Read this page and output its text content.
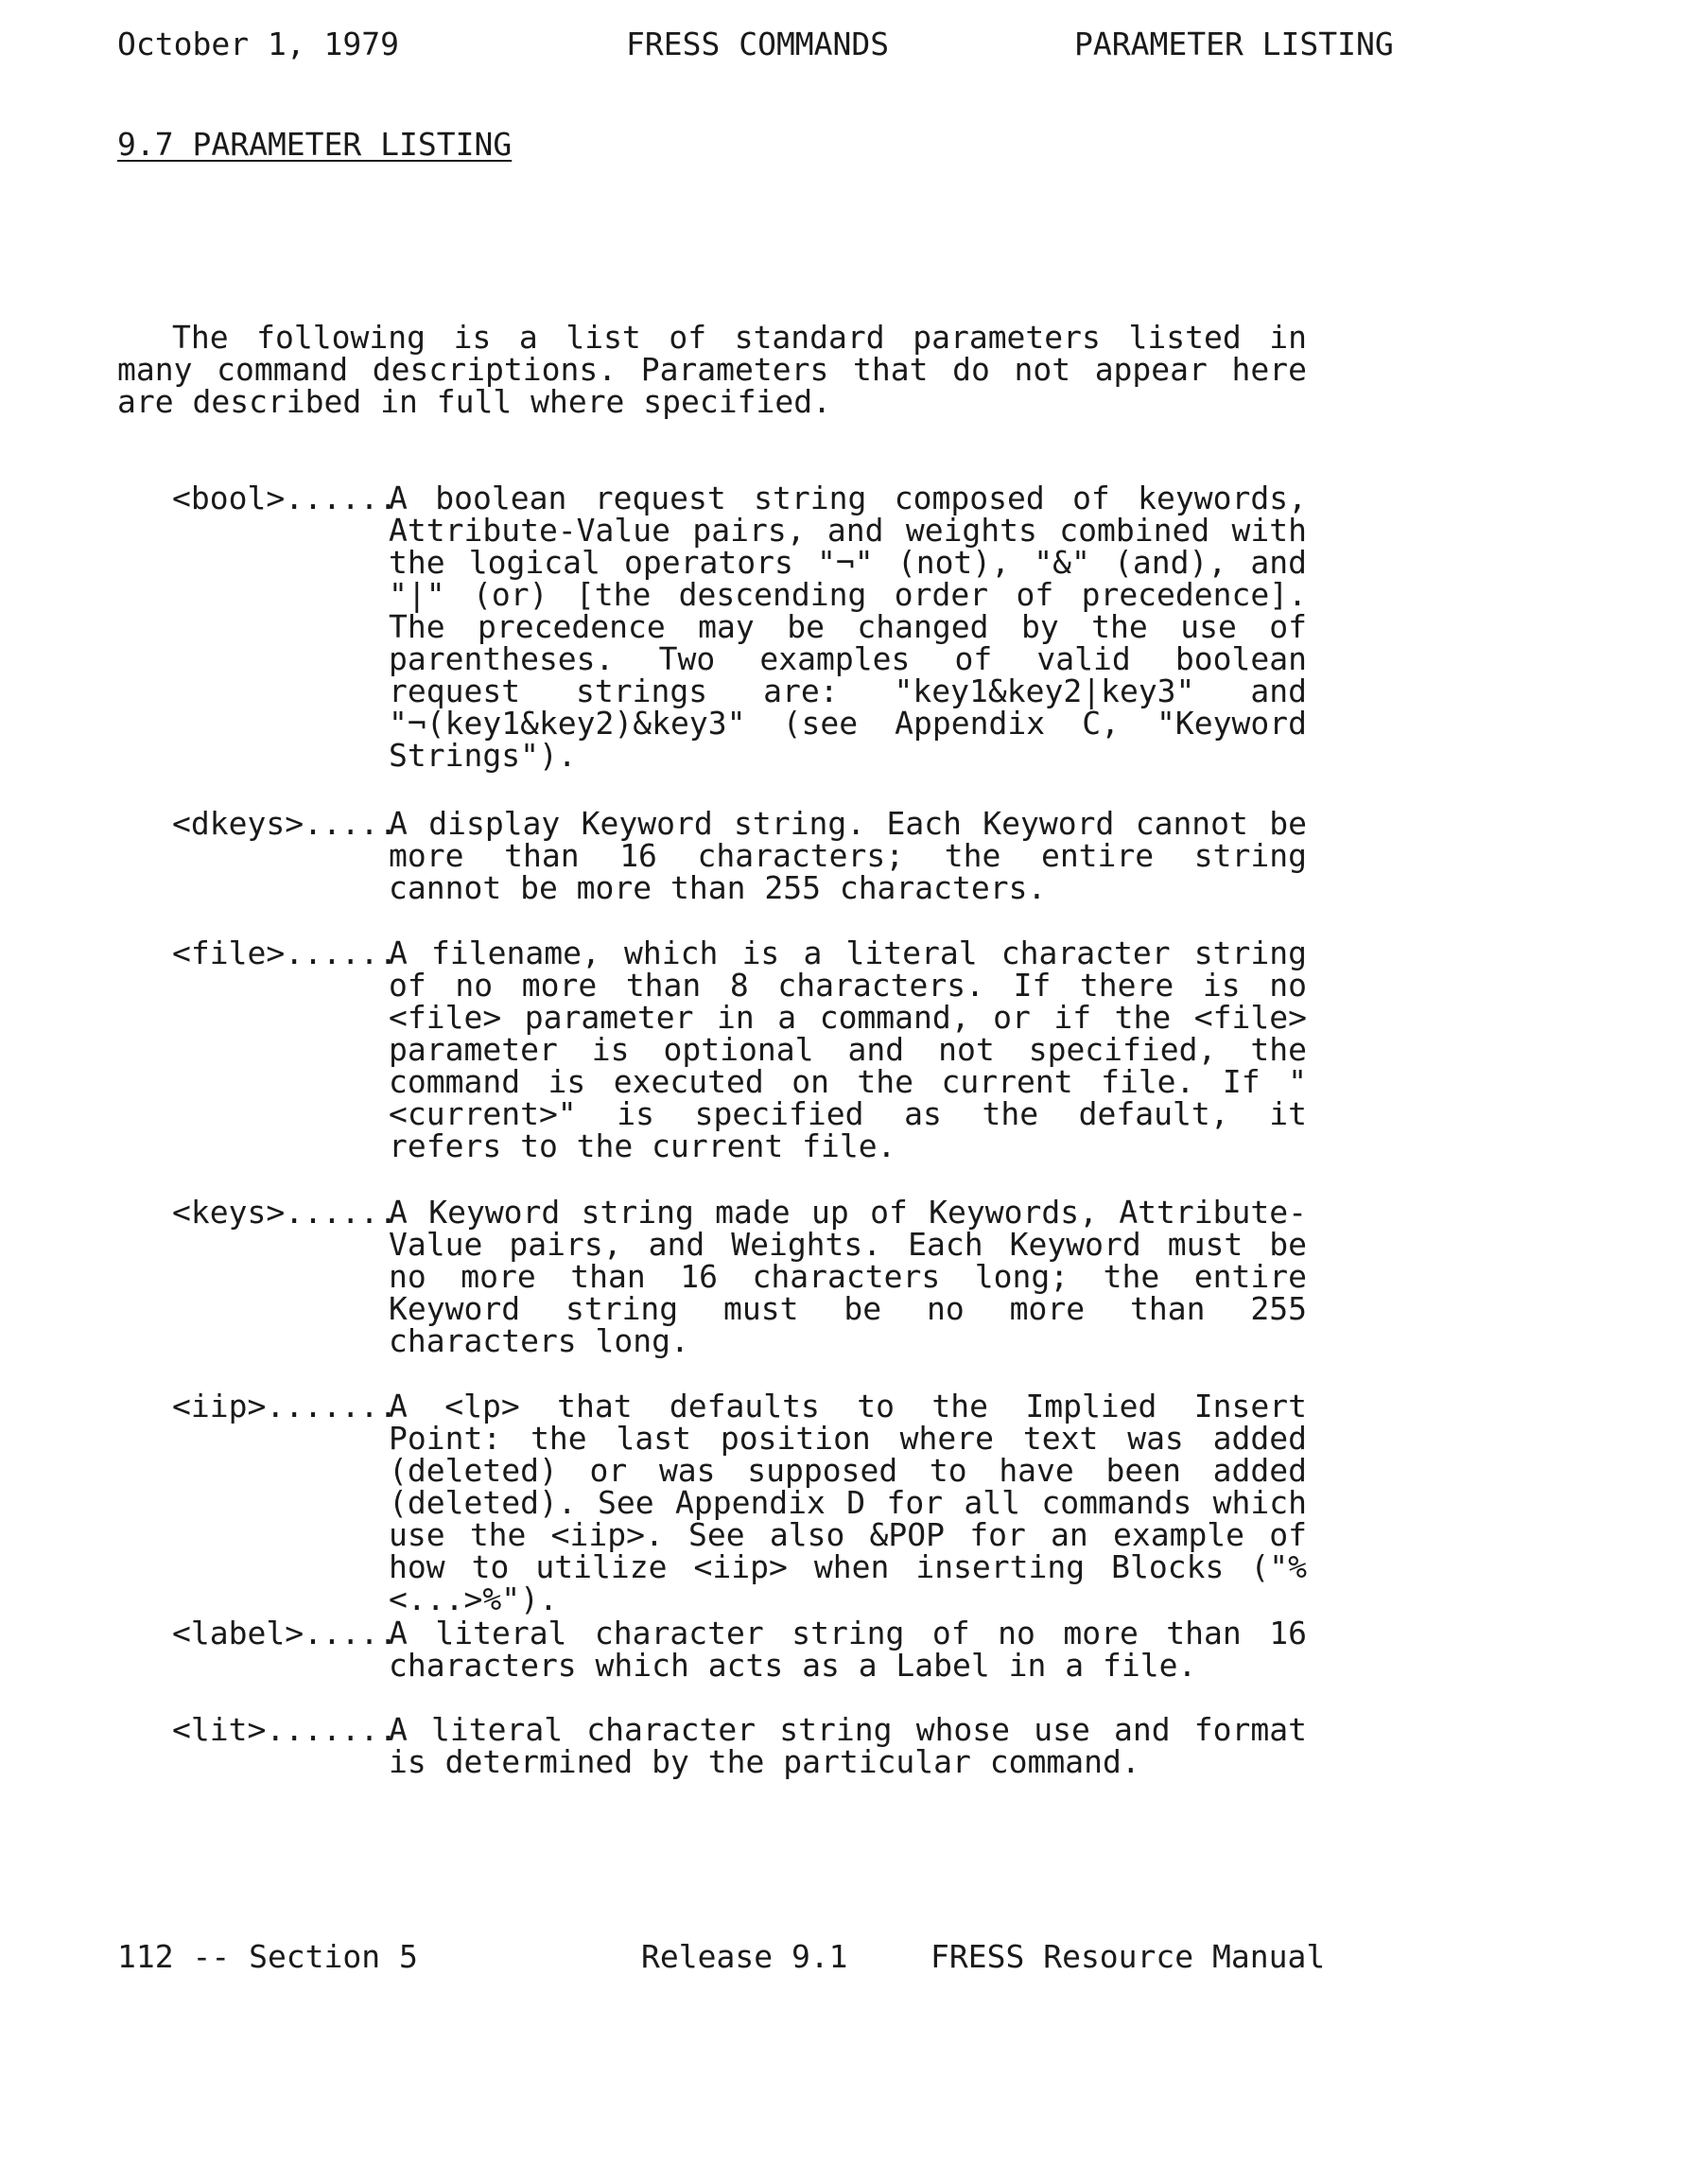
October 1, 1979	FRESS COMMANDS	PARAMETER LISTING
9.7 PARAMETER LISTING
The following is a list of standard parameters listed in many command descriptions. Parameters that do not appear here are described in full where specified.
<bool>......
A boolean request string composed of keywords, Attribute-Value pairs, and weights combined with the logical operators "¬" (not), "&" (and), and "|" (or) [the descending order of precedence]. The precedence may be changed by the use of parentheses. Two examples of valid boolean request strings are: "key1&key2|key3" and "¬(key1&key2)&key3" (see Appendix C, "Keyword Strings").
<dkeys>.....
A display Keyword string. Each Keyword cannot be more than 16 characters; the entire string cannot be more than 255 characters.
<file>......
A filename, which is a literal character string of no more than 8 characters. If there is no <file> parameter in a command, or if the <file> parameter is optional and not specified, the command is executed on the current file. If "<current>" is specified as the default, it refers to the current file.
<keys>......
A Keyword string made up of Keywords, Attribute-Value pairs, and Weights. Each Keyword must be no more than 16 characters long; the entire Keyword string must be no more than 255 characters long.
<iip>.......
A <lp> that defaults to the Implied Insert Point: the last position where text was added (deleted) or was supposed to have been added (deleted). See Appendix D for all commands which use the <iip>. See also &POP for an example of how to utilize <iip> when inserting Blocks ("%<...>%").
<label>.....
A literal character string of no more than 16 characters which acts as a Label in a file.
<lit>.......
A literal character string whose use and format is determined by the particular command.
112 -- Section 5	Release 9.1	FRESS Resource Manual
